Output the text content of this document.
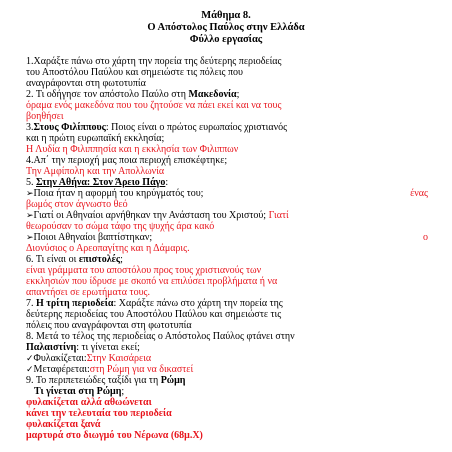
Μάθημα 8.
Ο Απόστολος Παύλος στην Ελλάδα
Φύλλο εργασίας
1.Χαράξτε πάνω στο χάρτη την πορεία της δεύτερης περιοδείας
του Αποστόλου Παύλου και σημειώστε τις πόλεις που
αναγράφονται στη φωτοτυπία
2. Τι οδήγησε τον απόστολο Παύλο στη Μακεδονία;
όραμα ενός μακεδόνα που του ζητούσε να πάει εκεί και να τους
βοηθήσει
3.Στους Φιλίππους: Ποιος είναι ο πρώτος ευρωπαίος χριστιανός
και η πρώτη ευρωπαϊκή εκκλησία;
Η Λυδία η Φιλιππησία και η εκκλησία των Φιλιππων
4.Απ΄ την περιοχή μας ποια περιοχή επισκέφτηκε;
Την Αμφίπολη και την Απολλωνία
5. Στην Αθήνα: Στον Άρειο Πάγο:
➢Ποια ήταν η αφορμή του κηρύγματός του;	ένας
βωμός στον άγνωστο θεό
➢Γιατί οι Αθηναίοι αρνήθηκαν την Ανάσταση του Χριστού; Γιατί
θεωρούσαν το σώμα τάφο της ψυχής άρα κακό
➢Ποιοι Αθηναίοι βαπτίστηκαν;	ο
Διονύσιος ο Αρεοπαγίτης και η Δάμαρις.
6. Τι είναι οι επιστολές;
είναι γράμματα του αποστόλου προς τους χριστιανούς των
εκκλησιών που ίδρυσε με σκοπό να επιλύσει προβλήματα ή να
απαντήσει σε ερωτήματα τους.
7. Η τρίτη περιοδεία: Χαράξτε πάνω στο χάρτη την πορεία της
δεύτερης περιοδείας του Αποστόλου Παύλου και σημειώστε τις
πόλεις που αναγράφονται στη φωτοτυπία
8. Μετά το τέλος της περιοδείας ο Απόστολος Παύλος φτάνει στην
Παλαιστίνη: τι γίνεται εκεί;
✓Φυλακίζεται:Στην Καισάρεια
✓Μεταφέρεται:στη Ρώμη για να δικαστεί
9. Το περιπετειώδες ταξίδι για τη Ρώμη
Τι γίνεται στη Ρώμη;
φυλακίζεται αλλά αθωώνεται
κάνει την τελευταία του περιοδεία
φυλακίζεται ξανά
μαρτυρά στο διωγμό του Νέρωνα (68μ.Χ)
